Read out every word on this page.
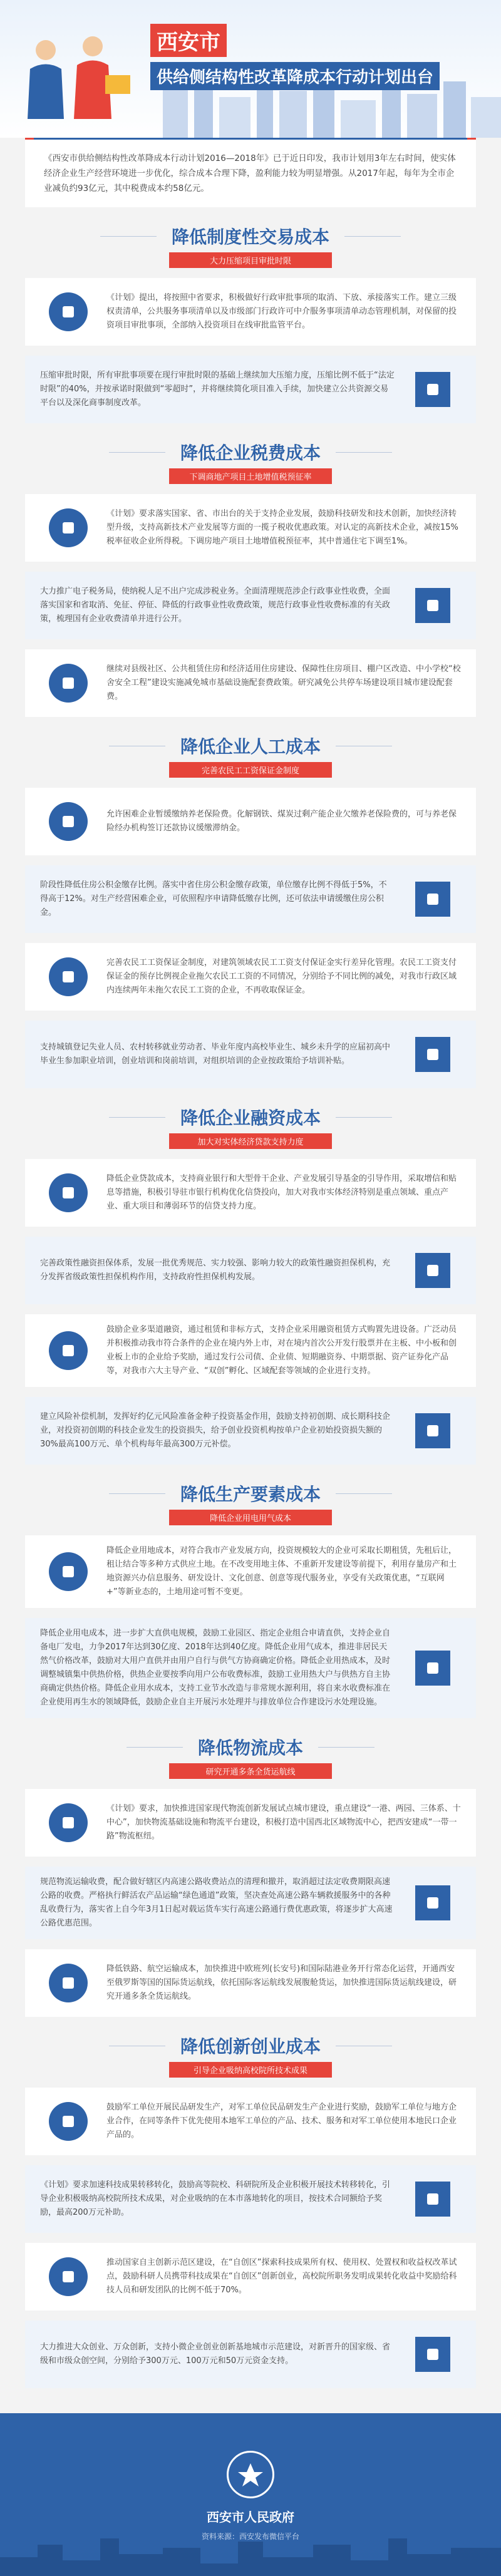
西安市
供给侧结构性改革降成本行动计划出台
《西安市供给侧结构性改革降成本行动计划2016—2018年》已于近日印发，我市计划用3年左右时间，使实体经济企业生产经营环境进一步优化，综合成本合理下降，盈利能力较为明显增强。从2017年起，每年为全市企业减负约93亿元，其中税费成本约58亿元。
降低制度性交易成本
大力压缩项目审批时限
《计划》提出，将按照中省要求，积极做好行政审批事项的取消、下放、承接落实工作。建立三级权责清单，公共服务事项清单以及市级部门行政许可中介服务事项清单动态管理机制，对保留的投资项目审批事项，全部纳入投资项目在线审批监管平台。
压缩审批时限，所有审批事项要在现行审批时限的基础上继续加大压缩力度，压缩比例不低于“法定时限”的40%，并按承诺时限做到“零超时”，并将继续简化项目准入手续，加快建立公共资源交易平台以及深化商事制度改革。
降低企业税费成本
下调商地产项目土地增值税预征率
《计划》要求落实国家、省、市出台的关于支持企业发展，鼓励科技研发和技术创新，加快经济转型升级，支持高新技术产业发展等方面的一揽子税收优惠政策。对认定的高新技术企业，减按15%税率征收企业所得税。下调房地产项目土地增值税预征率，其中普通住宅下调至1%。
大力推广电子税务局，使纳税人足不出户完成涉税业务。全面清理规范涉企行政事业性收费，全面落实国家和省取消、免征、停征、降低的行政事业性收费政策，规范行政事业性收费标准的有关政策，梳理国有企业收费清单并进行公开。
继续对县级社区、公共租赁住房和经济适用住房建设、保障性住房项目、棚户区改造、中小学校“校舍安全工程”建设实施减免城市基础设施配套费政策。研究减免公共停车场建设项目城市建设配套费。
降低企业人工成本
完善农民工工资保证金制度
允许困难企业暂缓缴纳养老保险费。化解钢铁、煤炭过剩产能企业欠缴养老保险费的，可与养老保险经办机构签订还款协议缓缴滞纳金。
阶段性降低住房公积金缴存比例。落实中省住房公积金缴存政策，单位缴存比例不得低于5%，不得高于12%。对生产经营困难企业，可依照程序申请降低缴存比例，还可依法申请缓缴住房公积金。
完善农民工工资保证金制度，对建筑领域农民工工资支付保证金实行差异化管理。农民工工资支付保证金的预存比例视企业拖欠农民工工资的不同情况，分别给予不同比例的减免，对我市行政区域内连续两年未拖欠农民工工资的企业，不再收取保证金。
支持城镇登记失业人员、农村转移就业劳动者、毕业年度内高校毕业生、城乡未升学的应届初高中毕业生参加职业培训，创业培训和岗前培训，对组织培训的企业按政策给予培训补贴。
降低企业融资成本
加大对实体经济贷款支持力度
降低企业贷款成本，支持商业银行和大型骨干企业、产业发展引导基金的引导作用，采取增信和贴息等措施，积极引导驻市银行机构优化信贷投向，加大对我市实体经济特别是重点领域、重点产业、重大项目和薄弱环节的信贷支持力度。
完善政策性融资担保体系，发展一批优秀规范、实力较强、影响力较大的政策性融资担保机构，充分发挥省级政策性担保机构作用，支持政府性担保机构发展。
鼓励企业多渠道融资，通过租赁和非标方式，支持企业采用融资租赁方式购置先进设备。广泛动员并积极推动我市符合条件的企业在境内外上市，对在境内首次公开发行股票并在主板、中小板和创业板上市的企业给予奖励，通过发行公司债、企业债、短期融资券、中期票据、资产证券化产品等，对我市六大主导产业、“双创”孵化、区域配套等领域的企业进行支持。
建立风险补偿机制，发挥好约亿元风险准备金种子投资基金作用，鼓励支持初创期、成长期科技企业，对投资初创期的科技企业发生的投资损失，给予创业投资机构按单户企业初始投资损失额的30%最高100万元、单个机构每年最高300万元补偿。
降低生产要素成本
降低企业用电用气成本
降低企业用地成本，对符合我市产业发展方向，投资规模较大的企业可采取长期租赁，先租后让，租让结合等多种方式供应土地。在不改变用地主体、不重新开发建设等前提下，利用存量房产和土地资源兴办信息服务、研发设计、文化创意、创意等现代服务业，享受有关政策优惠，“互联网+”等新业态的，土地用途可暂不变更。
降低企业用电成本，进一步扩大直供电规模，鼓励工业园区、指定企业组合申请直供，支持企业自备电厂发电，力争2017年达到30亿度、2018年达到40亿度。降低企业用气成本，推进非居民天然气价格改革，鼓励对大用户直供并由用户自行与供气方协商确定价格。降低企业用热成本，及时调整城镇集中供热价格，供热企业要按季向用户公布收费标准，鼓励工业用热大户与供热方自主协商确定供热价格。降低企业用水成本，支持工业节水改造与非常规水源利用，将自来水收费标准在企业使用再生水的领域降低，鼓励企业自主开展污水处理并与排放单位合作建设污水处理设施。
降低物流成本
研究开通多条全货运航线
《计划》要求，加快推进国家现代物流创新发展试点城市建设，重点建设“一港、两园、三体系、十中心”，加快物流基础设施和物流平台建设，积极打造中国西北区域物流中心，把西安建成“一带一路”物流枢纽。
规范物流运输收费，配合做好辖区内高速公路收费站点的清理和撤并，取消超过法定收费期限高速公路的收费。严格执行鲜活农产品运输“绿色通道”政策，坚决查处高速公路车辆救援服务中的各种乱收费行为，落实省上自今年3月1日起对载运货车实行高速公路通行费优惠政策，将逐步扩大高速公路优惠范围。
降低铁路、航空运输成本，加快推进中欧班列(长安号)和国际陆港业务开行常态化运营，开通西安至俄罗斯等国的国际货运航线，依托国际客运航线发展腹舱货运，加快推进国际货运航线建设，研究开通多条全货运航线。
降低创新创业成本
引导企业吸纳高校院所技术成果
鼓励军工单位开展民品研发生产，对军工单位民品研发生产企业进行奖励，鼓励军工单位与地方企业合作，在同等条件下优先使用本地军工单位的产品、技术、服务和对军工单位使用本地民口企业产品的。
《计划》要求加速科技成果转移转化，鼓励高等院校、科研院所及企业积极开展技术转移转化，引导企业积极吸纳高校院所技术成果，对企业吸纳的在本市落地转化的项目，按技术合同额给予奖励，最高200万元补助。
推动国家自主创新示范区建设，在“自创区”探索科技成果所有权、使用权、处置权和收益权改革试点，鼓励科研人员携带科技成果在“自创区”创新创业，高校院所职务发明成果转化收益中奖励给科技人员和研发团队的比例不低于70%。
大力推进大众创业、万众创新，支持小微企业创业创新基地城市示范建设，对新晋升的国家级、省级和市级众创空间，分别给予300万元、100万元和50万元资金支持。
西安市人民政府
资料来源：西安发布微信平台
